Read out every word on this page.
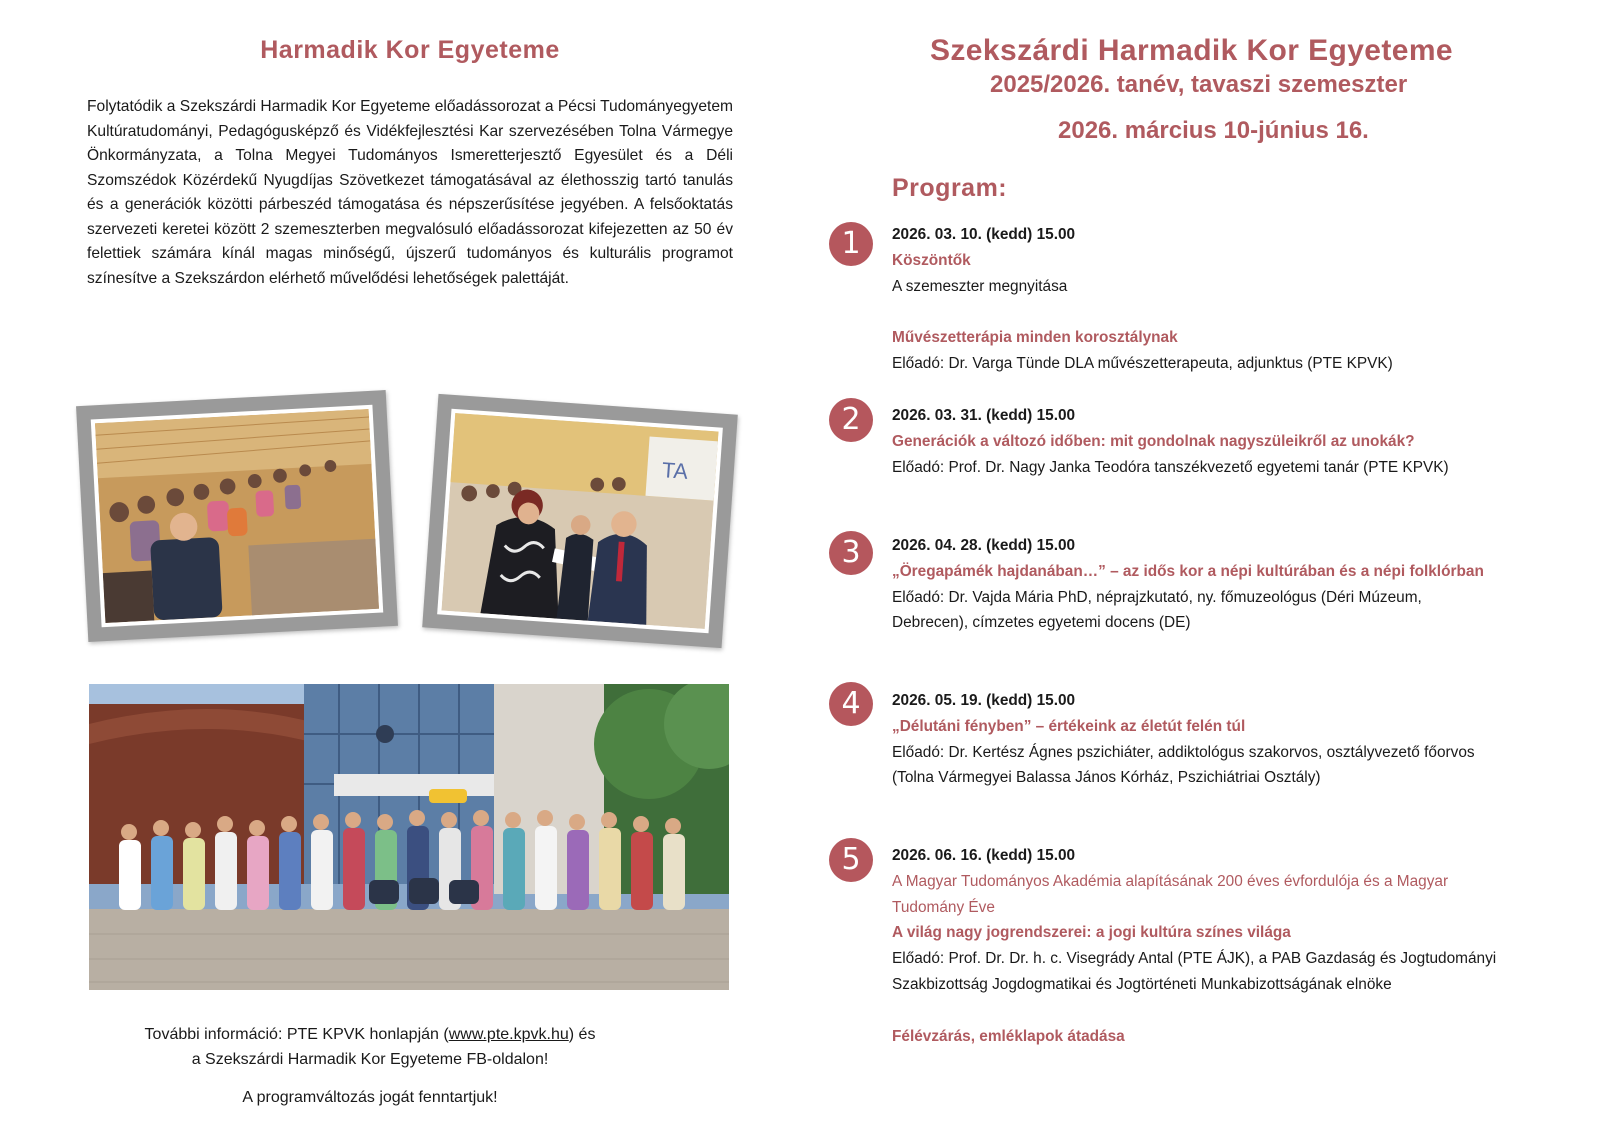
Harmadik Kor Egyeteme

Folytatódik a Szekszárdi Harmadik Kor Egyeteme előadássorozat a Pécsi Tudományegyetem Kultúratudományi, Pedagógusképző és Vidékfejlesztési Kar szervezésében Tolna Vármegye Önkormányzata, a Tolna Megyei Tudományos Ismeretterjesztő Egyesület és a Déli Szomszédok Közérdekű Nyugdíjas Szövetkezet támogatásával az élethosszig tartó tanulás és a generációk közötti párbeszéd támogatása és népszerűsítése jegyében. A felsőoktatás szervezeti keretei között 2 szemeszterben megvalósuló előadássorozat kifejezetten az 50 év felettiek számára kínál magas minőségű, újszerű tudományos és kulturális programot színesítve a Szekszárdon elérhető művelődési lehetőségek palettáját.

TA
További információ: PTE KPVK honlapján (www.pte.kpvk.hu) és
a Szekszárdi Harmadik Kor Egyeteme FB-oldalon!
A programváltozás jogát fenntartjuk!
Szekszárdi Harmadik Kor Egyeteme
2025/2026. tanév, tavaszi szemeszter
2026. március 10-június 16.
Program:
1	2026. 03. 10. (kedd) 15.00
Köszöntők
A szemeszter megnyitása
Művészetterápia minden korosztálynak
Előadó: Dr. Varga Tünde DLA művészetterapeuta, adjunktus (PTE KPVK)
2	2026. 03. 31. (kedd) 15.00
Generációk a változó időben: mit gondolnak nagyszüleikről az unokák?
Előadó: Prof. Dr. Nagy Janka Teodóra tanszékvezető egyetemi tanár (PTE KPVK)
3	2026. 04. 28. (kedd) 15.00
„Öregapámék hajdanában…” – az idős kor a népi kultúrában és a népi folklórban
Előadó: Dr. Vajda Mária PhD, néprajzkutató, ny. főmuzeológus (Déri Múzeum,
Debrecen), címzetes egyetemi docens (DE)
4	2026. 05. 19. (kedd) 15.00
„Délutáni fényben” – értékeink az életút felén túl
Előadó: Dr. Kertész Ágnes pszichiáter, addiktológus szakorvos, osztályvezető főorvos
(Tolna Vármegyei Balassa János Kórház, Pszichiátriai Osztály)
5	2026. 06. 16. (kedd) 15.00
A Magyar Tudományos Akadémia alapításának 200 éves évfordulója és a Magyar
Tudomány Éve
A világ nagy jogrendszerei: a jogi kultúra színes világa
Előadó: Prof. Dr. Dr. h. c. Visegrády Antal (PTE ÁJK), a PAB Gazdaság és Jogtudományi
Szakbizottság Jogdogmatikai és Jogtörténeti Munkabizottságának elnöke
Félévzárás, emléklapok átadása
